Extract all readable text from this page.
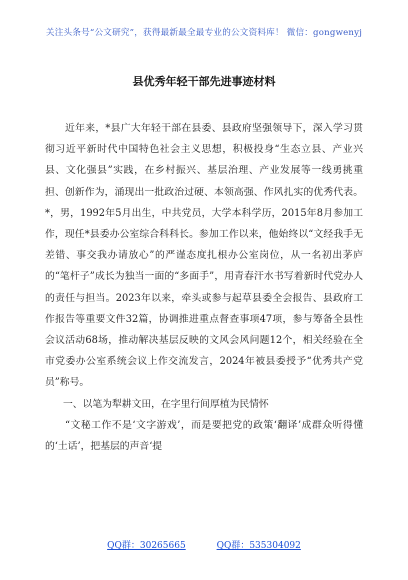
关注头条号“公文研究”，获得最新最全最专业的公文资料库！ 微信：gongwenyj
县优秀年轻干部先进事迹材料

近年来，*县广大年轻干部在县委、县政府坚强领导下，深入学习贯彻习近平新时代中国特色社会主义思想，积极投身“生态立县、产业兴县、文化强县”实践，在乡村振兴、基层治理、产业发展等一线勇挑重担、创新作为，涌现出一批政治过硬、本领高强、作风扎实的优秀代表。*，男，1992年5月出生，中共党员，大学本科学历，2015年8月参加工作，现任*县委办公室综合科科长。参加工作以来，他始终以“文经我手无差错、事交我办请放心”的严谨态度扎根办公室岗位，从一名初出茅庐的“笔杆子”成长为独当一面的“多面手”，用青春汗水书写着新时代党办人的责任与担当。2023年以来，牵头或参与起草县委全会报告、县政府工作报告等重要文件32篇，协调推进重点督查事项47项，参与筹备全县性会议活动68场，推动解决基层反映的文风会风问题12个，相关经验在全市党委办公室系统会议上作交流发言，2024年被县委授予“优秀共产党员”称号。

一、以笔为犁耕文田，在字里行间厚植为民情怀

“文秘工作不是‘文字游戏’，而是要把党的政策‘翻译’成群众听得懂的‘土话’，把基层的声音‘提

QQ群：30265665	QQ群：535304092
